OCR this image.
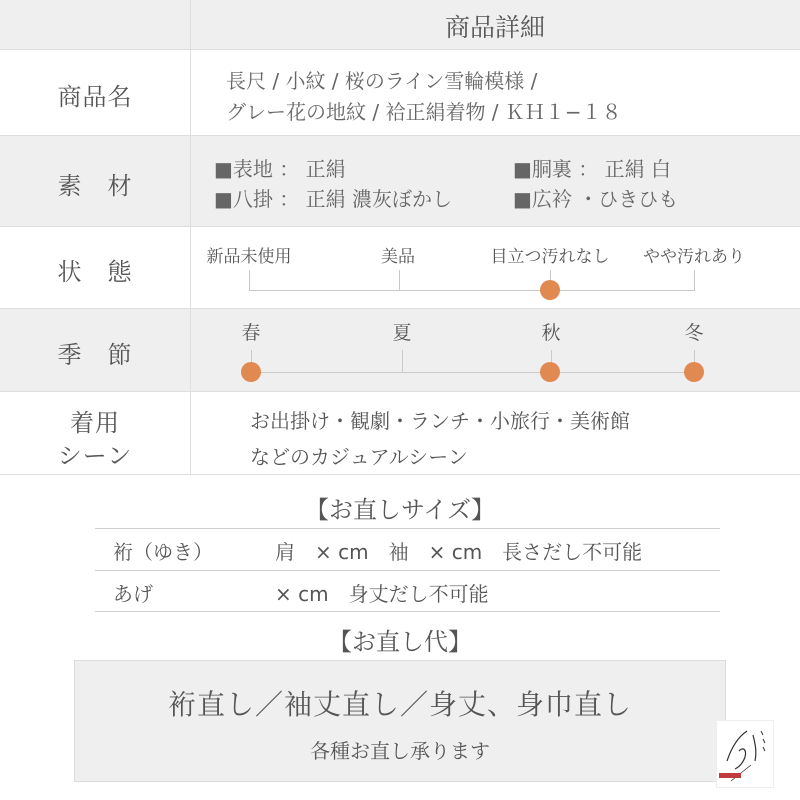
商品詳細
商品名
長尺 / 小紋 / 桜のライン雪輪模様 /
グレー花の地紋 / 袷正絹着物 / ＫＨ１−１８
素　材
■表地 ： 正絹	■胴裏 ： 正絹 白
■八掛 ： 正絹 濃灰ぼかし	■広衿 ・ひきひも
状　態
新品未使用	美品	目立つ汚れなし やや汚れあり
季　節
春	夏	秋	冬
着用
シーン
お出掛け・観劇・ランチ・小旅行・美術館
などのカジュアルシーン
【お直しサイズ】
裄（ゆき）	肩　× cm　袖　× cm　長さだし不可能
あげ	× cm　身丈だし不可能
【お直し代】
裄直し／袖丈直し／身丈、身巾直し
各種お直し承ります
